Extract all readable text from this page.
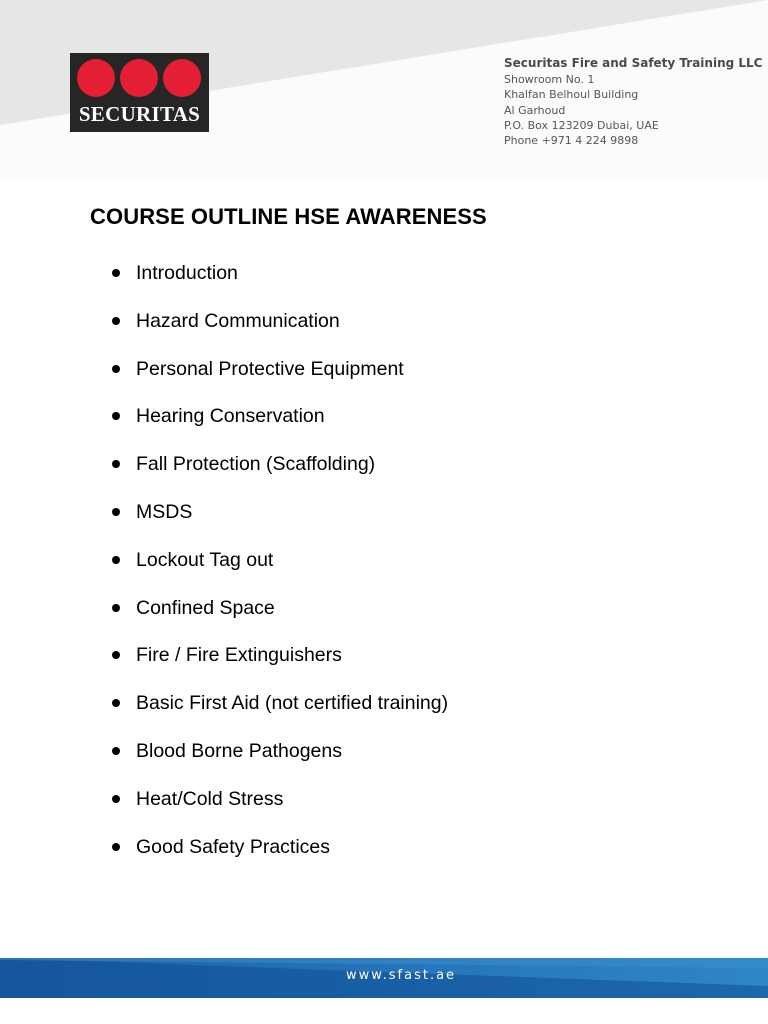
SECURITAS
Securitas Fire and Safety Training LLC
Showroom No. 1
Khalfan Belhoul Building
Al Garhoud
P.O. Box 123209 Dubai, UAE
Phone +971 4 224 9898
COURSE OUTLINE HSE AWARENESS
Introduction
Hazard Communication
Personal Protective Equipment
Hearing Conservation
Fall Protection (Scaffolding)
MSDS
Lockout Tag out
Confined Space
Fire / Fire Extinguishers
Basic First Aid (not certified training)
Blood Borne Pathogens
Heat/Cold Stress
Good Safety Practices
www.sfast.ae
